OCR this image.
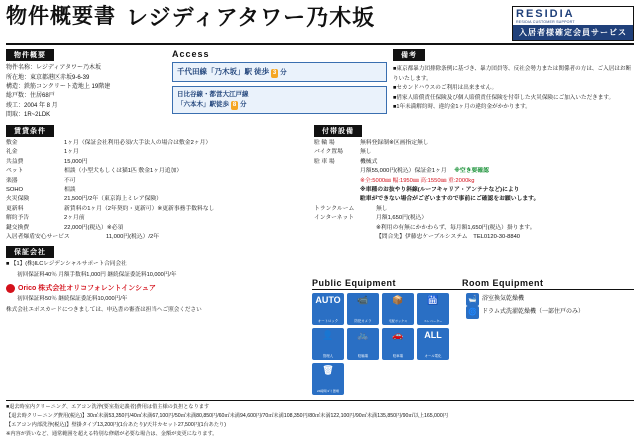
物件概要書 レジディアタワー乃木坂	RESIDIA
RESIDIA CUSTOMER SUPPORT
入居者様確定会員サービス
物件概要
物件名称：レジディアタワー乃木坂
所在地：東京都港区赤坂9-6-39
構造：鉄筋コンクリート造地上 19階建
総戸数：住居68戸
竣工：2004 年 8 月
間取：1R~2LDK
Access
千代田線「乃木坂」駅 徒歩 3 分
日比谷線・都営大江戸線
「六本木」駅徒歩 8 分
備考
■東京都暴力団排除条例に基づき、暴力団員等、反社会勢力または関係者の方は、ご入居はお断りいたします。
■セカンドハウスのご利用は出来ません。
■借家人賠償責任保険及び個人賠償責任保険を付帯した火災保険にご加入いただきます。
■1年未満解約時、違約金1ヶ月の違約金がかかります。
賃貸条件
敷金	1ヶ月（保証会社利用必須/大手法人の場合は敷金2ヶ月）
礼金	1ヶ月
共益費	15,000円
ペット	相談（小型犬もしくは猫1匹 敷金1ヶ月追加）
楽器	不可
SOHO	相談
火災保険	21,500円/2年（東京海上ミレア保険）
更新料	新賃料の1ヶ月（2年契約・更新可）※更新事務手数料なし
解約予告	2ヶ月前
鍵交換費	22,000円(税込）※必須
入居者爆盾安心サービス	11,000円(税込）/2年
付帯設備
駐 輪 場	無料登録制※区画指定無し
バイク置場	無し
駐 車 場	機械式
月額55,000円(税込）保証金1ヶ月 ※空き要確認
※全:5000㎜ 幅:1950㎜ 高:1550㎜ 重:2000kg
※車種のお抜やり斜線(ルーフキャリア・アンテナなど)により
駐車ができない場合がございますので事前にご確認をお願いします。
トランクルーム	無し
インターネット	月額1,650円(税込）
※利用の有無にかかわらず、毎月額1,650円(税込）掛ります。
【問合先】伊藤忠ケーブルシステム　TEL0120-30-8840
保証会社

■ 【1】(株)ILCレジデンシャルサポート合同会社

初回保証料40％ 月額手数料1,000円 継続保証委託料10,000円/年

Orico 株式会社オリコフォレントインシュア

初回保証料50％ 継続保証委託料10,000円/年

株式会社エポスカードにつきましては、申込書の審査は担当へご照会ください

Public Equipment	Room Equipment
AUTO
オートロック
📹
防犯カメラ
📦
宅配ボックス
🛗
エレベーター
👤
管理人
🚲
駐輪場
🚗
駐車場
ALL
オール電化
🗑
24時間ゴミ置場
🛁 浴室換気乾燥機
🌀 ドラム式洗濯乾燥機（一部住戸のみ）
■退去時室内クリーニング、エアコン洗浄(要室指定義者)費用は借主様の負担となります
【退去時クリーニング費用(税込)】30㎡未満53,350円/40㎡未満67,100円/50㎡未満80,850円/60㎡未満94,600円/70㎡未満108,350円/80㎡未満122,100円/90㎡未満135,850円/90㎡以上165,000円
【エアコン内部洗浄(税込)】壁掛タイプ13,200円(1台あたり)/天井カセット27,500円(1台あたり)
※内容が異いなど、通常範囲を超える特別な修繕が必要な場合は、金額が変更になります。
